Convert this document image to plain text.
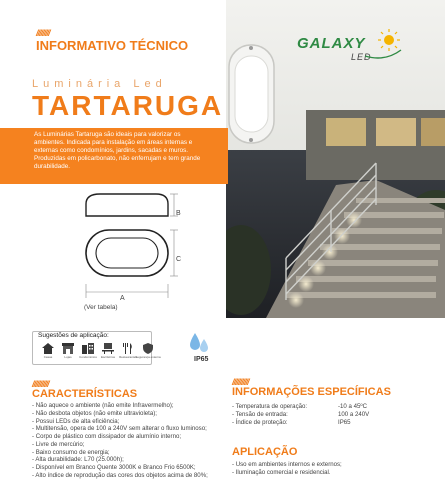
/////////
INFORMATIVO TÉCNICO	GALAXY
LED
Luminária Led
TARTARUGA

As Luminárias Tartaruga são ideais para valorizar os

ambientes. Indicada para instalação em áreas internas e

externas como condomínios, jardins, sacadas e muros.

Produzidas em policarbonato, não enferrujam e tem grande

durabilidade.

B
C
A
(Ver tabela)
Sugestões de aplicação:
Casas	Lojas	Condomínios Escritórios Restaurantes
Segurança externa	IP65
///////////
CARACTERÍSTICAS
- Não aquece o ambiente (não emite Infravermelho);
- Não desbota objetos (não emite ultravioleta);
- Possui LEDs de alta eficiência;
- Multitensão, opera de 100 a 240V sem alterar o fluxo luminoso;
- Corpo de plástico com dissipador de alumínio interno;
- Livre de mercúrio;
- Baixo consumo de energia;
- Alta durabilidade: L70 (25.000h);
- Disponível em Branco Quente 3000K e Branco Frio 6500K;
- Alto índice de reprodução das cores dos objetos acima de 80%;
///////////
INFORMAÇÕES ESPECÍFICAS
- Temperatura de operação:	-10 a 45ºC
- Tensão de entrada:	100 a 240V
- Índice de proteção:	IP65
APLICAÇÃO
- Uso em ambientes internos e externos;
- Iluminação comercial e residencial.
